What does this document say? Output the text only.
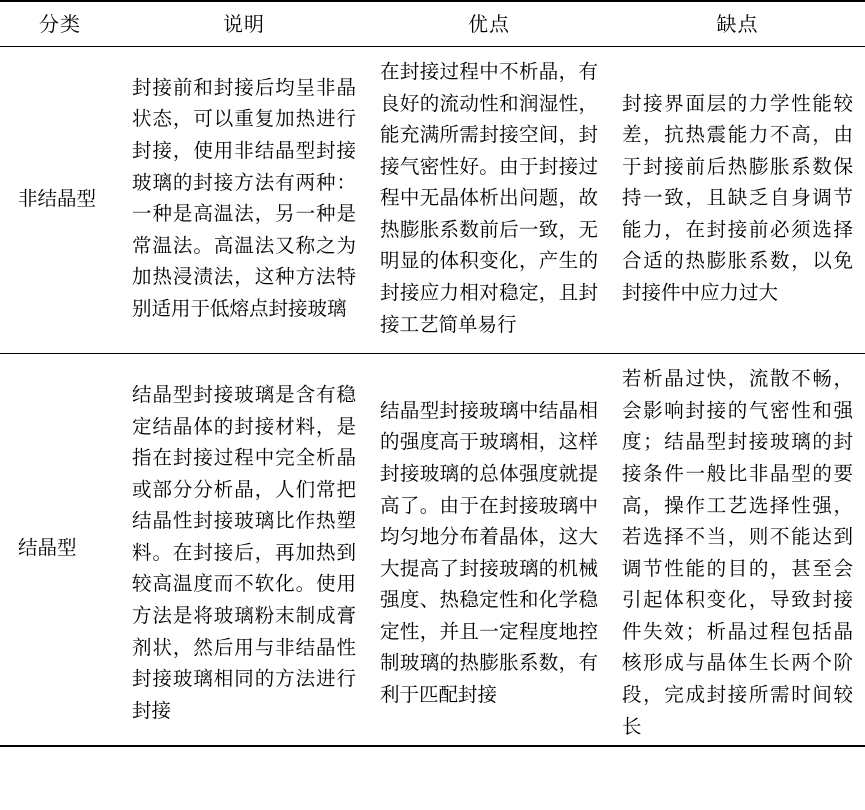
分类	说明	优点	缺点
非结晶型	封接前和封接后均呈非晶状态，可以重复加热进行封接，使用非结晶型封接玻璃的封接方法有两种：一种是高温法，另一种是常温法。高温法又称之为加热浸渍法，这种方法特别适用于低熔点封接玻璃	在封接过程中不析晶，有良好的流动性和润湿性，能充满所需封接空间，封接气密性好。由于封接过程中无晶体析出问题，故热膨胀系数前后一致，无明显的体积变化，产生的封接应力相对稳定，且封接工艺简单易行	封接界面层的力学性能较差，抗热震能力不高，由于封接前后热膨胀系数保持一致，且缺乏自身调节能力，在封接前必须选择合适的热膨胀系数，以免封接件中应力过大
结晶型	结晶型封接玻璃是含有稳定结晶体的封接材料，是指在封接过程中完全析晶或部分分析晶，人们常把结晶性封接玻璃比作热塑料。在封接后，再加热到较高温度而不软化。使用方法是将玻璃粉末制成膏剂状，然后用与非结晶性封接玻璃相同的方法进行封接	结晶型封接玻璃中结晶相的强度高于玻璃相，这样封接玻璃的总体强度就提高了。由于在封接玻璃中均匀地分布着晶体，这大大提高了封接玻璃的机械强度、热稳定性和化学稳定性，并且一定程度地控制玻璃的热膨胀系数，有利于匹配封接	若析晶过快，流散不畅，会影响封接的气密性和强度；结晶型封接玻璃的封接条件一般比非晶型的要高，操作工艺选择性强，若选择不当，则不能达到调节性能的目的，甚至会引起体积变化，导致封接件失效；析晶过程包括晶核形成与晶体生长两个阶段，完成封接所需时间较长
